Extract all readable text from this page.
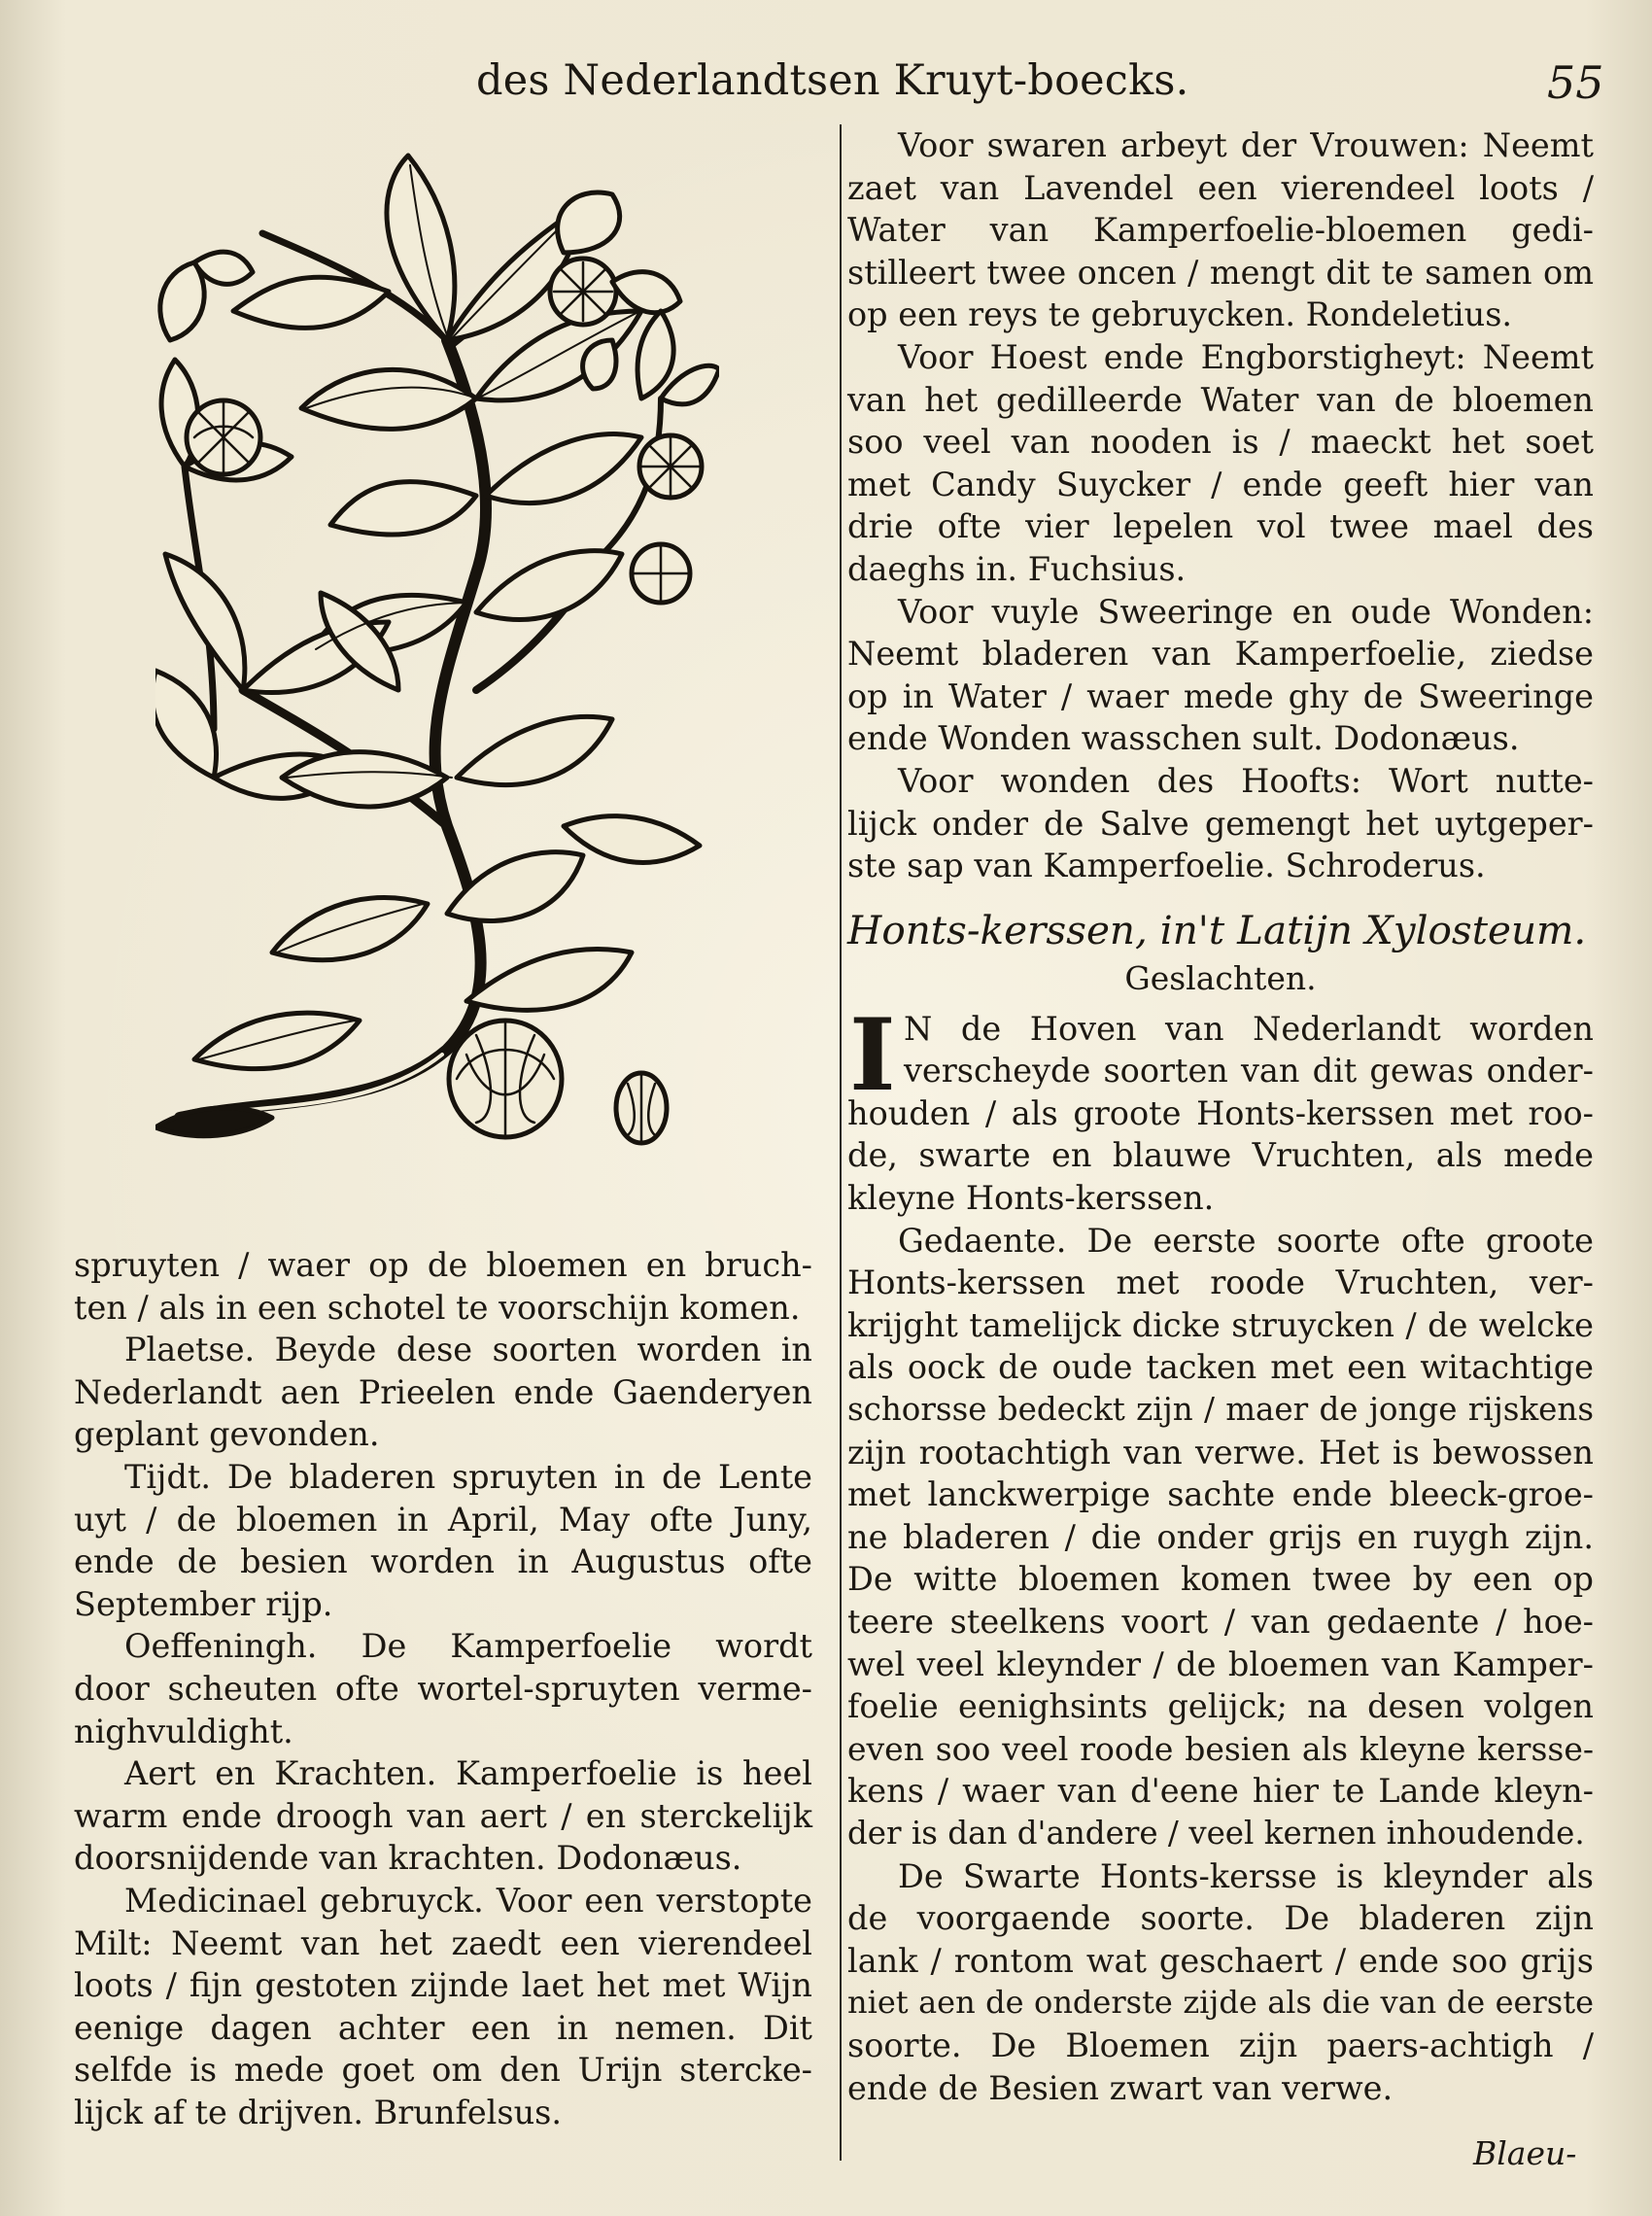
des Nederlandtsen Kruyt-boecks.	55

spruyten / waer op de bloemen en bruch-
ten / als in een schotel te voorschijn komen.

Plaetse. Beyde dese soorten worden in
Nederlandt aen Prieelen ende Gaenderyen
geplant gevonden.

Tijdt. De bladeren spruyten in de Lente
uyt / de bloemen in April, May ofte Juny,
ende de besien worden in Augustus ofte
September rijp.

Oeffeningh. De Kamperfoelie wordt
door scheuten ofte wortel-spruyten verme-
nighvuldight.

Aert en Krachten. Kamperfoelie is heel
warm ende droogh van aert / en sterckelijk
doorsnijdende van krachten. Dodonæus.

Medicinael gebruyck. Voor een verstopte
Milt: Neemt van het zaedt een vierendeel
loots / fijn gestoten zijnde laet het met Wijn
eenige dagen achter een in nemen. Dit
selfde is mede goet om den Urijn stercke-
lijck af te drijven. Brunfelsus.

Voor swaren arbeyt der Vrouwen: Neemt
zaet van Lavendel een vierendeel loots /
Water van Kamperfoelie-bloemen gedi-
stilleert twee oncen / mengt dit te samen om
op een reys te gebruycken. Rondeletius.

Voor Hoest ende Engborstigheyt: Neemt
van het gedilleerde Water van de bloemen
soo veel van nooden is / maeckt het soet
met Candy Suycker / ende geeft hier van
drie ofte vier lepelen vol twee mael des
daeghs in. Fuchsius.

Voor vuyle Sweeringe en oude Wonden:
Neemt bladeren van Kamperfoelie, ziedse
op in Water / waer mede ghy de Sweeringe
ende Wonden wasschen sult. Dodonæus.

Voor wonden des Hoofts: Wort nutte-
lijck onder de Salve gemengt het uytgeper-
ste sap van Kamperfoelie. Schroderus.

Honts-kerssen, in't Latijn Xylosteum.
Geslachten.
I N de Hoven van Nederlandt worden
verscheyde soorten van dit gewas onder-
houden / als groote Honts-kerssen met roo-
de, swarte en blauwe Vruchten, als mede
kleyne Honts-kerssen.

Gedaente. De eerste soorte ofte groote
Honts-kerssen met roode Vruchten, ver-
krijght tamelijck dicke struycken / de welcke
als oock de oude tacken met een witachtige
schorsse bedeckt zijn / maer de jonge rijskens
zijn rootachtigh van verwe. Het is bewossen
met lanckwerpige sachte ende bleeck-groe-
ne bladeren / die onder grijs en ruygh zijn.
De witte bloemen komen twee by een op
teere steelkens voort / van gedaente / hoe-
wel veel kleynder / de bloemen van Kamper-
foelie eenighsints gelijck; na desen volgen
even soo veel roode besien als kleyne kersse-
kens / waer van d'eene hier te Lande kleyn-
der is dan d'andere / veel kernen inhoudende.

De Swarte Honts-kersse is kleynder als
de voorgaende soorte. De bladeren zijn
lank / rontom wat geschaert / ende soo grijs
niet aen de onderste zijde als die van de eerste
soorte. De Bloemen zijn paers-achtigh /
ende de Besien zwart van verwe.

Blaeu-
